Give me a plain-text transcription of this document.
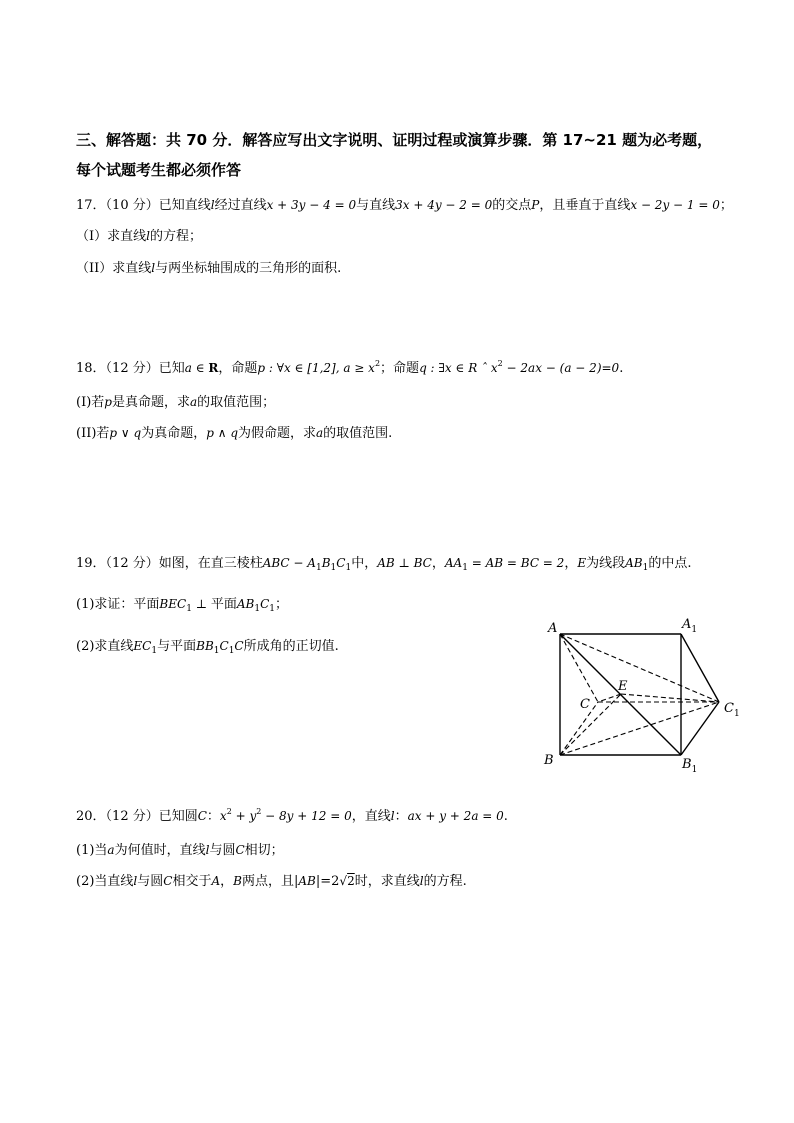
三、解答题：共 70 分．解答应写出文字说明、证明过程或演算步骤．第 17~21 题为必考题，
每个试题考生都必须作答
17．（10 分）已知直线l经过直线x + 3y − 4 = 0与直线3x + 4y − 2 = 0的交点P，且垂直于直线x − 2y − 1 = 0；
（I）求直线l的方程；
（II）求直线l与两坐标轴围成的三角形的面积.
18．（12 分）已知a ∈ R，命题p : ∀x ∈ [1,2], $a \ge x^2$；命题q : ∃x ∈ R ˆ $x^2 - 2ax - (a - 2)=0$.
(I)若p是真命题，求a的取值范围；
(II)若p ∨ q为真命题，p ∧ q为假命题，求a的取值范围.
19．（12 分）如图，在直三棱柱ABC − $A_1B_1C_1$中，AB ⊥ BC，$AA_1$ = AB = BC = 2，E为线段$AB_1$的中点.
(1)求证：平面$BEC_1$ ⊥ 平面$AB_1C_1$；
(2)求直线$EC_1$与平面$BB_1C_1C$所成角的正切值.
A	$A_1$
B	$B_1$
C	$C_1$
E
20．（12 分）已知圆C：$x^2 + y^2 - 8y + 12 = 0$，直线l：ax + y + 2a = 0.
(1)当a为何值时，直线l与圆C相切；
(2)当直线l与圆C相交于A，B两点，且|AB|=2√2时，求直线l的方程.
